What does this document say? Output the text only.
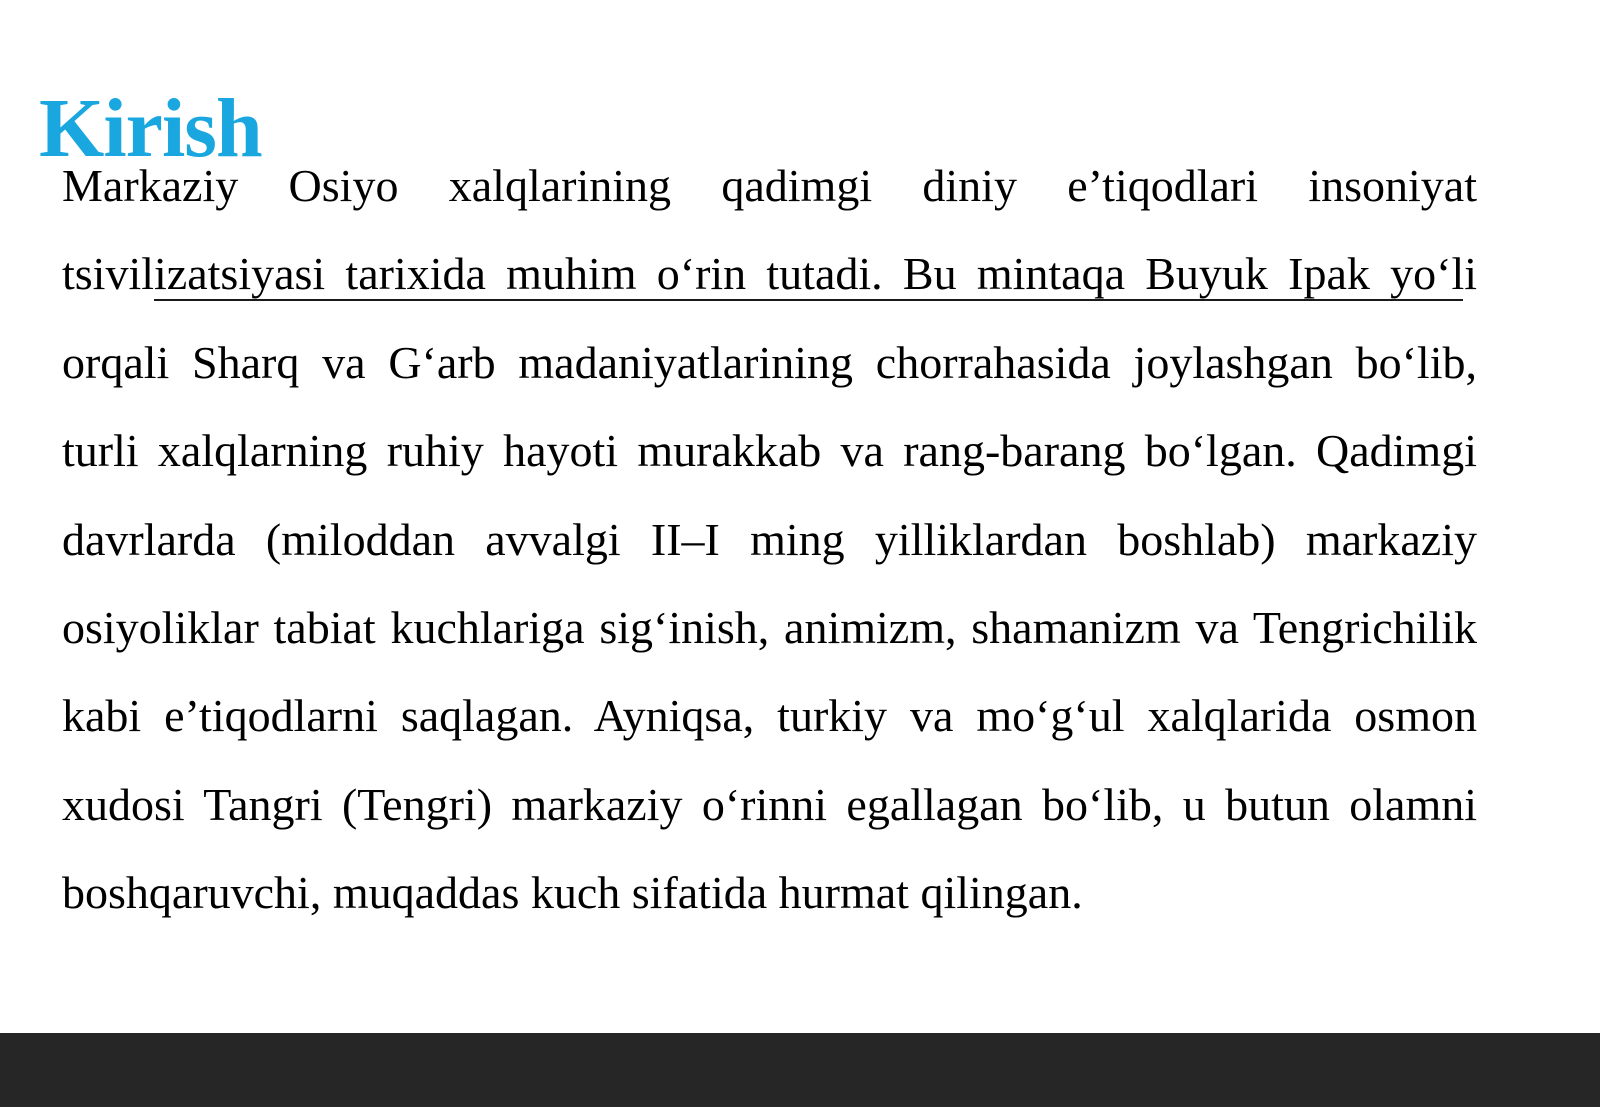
Kirish

Markaziy Osiyo xalqlarining qadimgi diniy e’tiqodlari insoniyat tsivilizatsiyasi tarixida muhim o‘rin tutadi. Bu mintaqa Buyuk Ipak yo‘li orqali Sharq va G‘arb madaniyatlarining chorrahasida joylashgan bo‘lib, turli xalqlarning ruhiy hayoti murakkab va rang-barang bo‘lgan. Qadimgi davrlarda (miloddan avvalgi II–I ming yilliklardan boshlab) markaziy osiyoliklar tabiat kuchlariga sig‘inish, animizm, shamanizm va Tengrichilik kabi e’tiqodlarni saqlagan. Ayniqsa, turkiy va mo‘g‘ul xalqlarida osmon xudosi Tangri (Tengri) markaziy o‘rinni egallagan bo‘lib, u butun olamni boshqaruvchi, muqaddas kuch sifatida hurmat qilingan.
